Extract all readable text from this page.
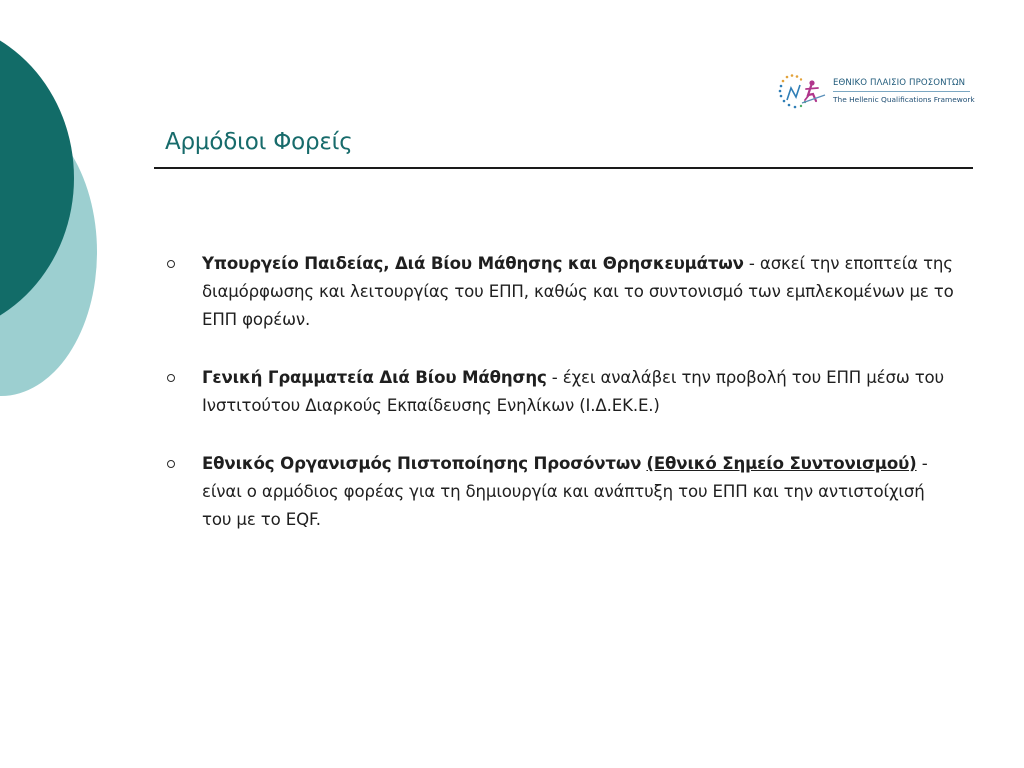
ΕΘΝΙΚΟ ΠΛΑΙΣΙΟ ΠΡΟΣΟΝΤΩΝ
The Hellenic Qualifications Framework
Αρμόδιοι Φορείς
Υπουργείο Παιδείας, Διά Βίου Μάθησης και Θρησκευμάτων - ασκεί την εποπτεία της διαμόρφωσης και λειτουργίας του ΕΠΠ, καθώς και το συντονισμό των εμπλεκομένων με το ΕΠΠ φορέων.
Γενική Γραμματεία Διά Βίου Μάθησης - έχει αναλάβει την προβολή του ΕΠΠ μέσω του Ινστιτούτου Διαρκούς Εκπαίδευσης Ενηλίκων (Ι.Δ.ΕΚ.Ε.)
Εθνικός Οργανισμός Πιστοποίησης Προσόντων (Εθνικό Σημείο Συντονισμού) - είναι ο αρμόδιος φορέας για τη δημιουργία και ανάπτυξη του ΕΠΠ και την αντιστοίχισή του με το EQF.
